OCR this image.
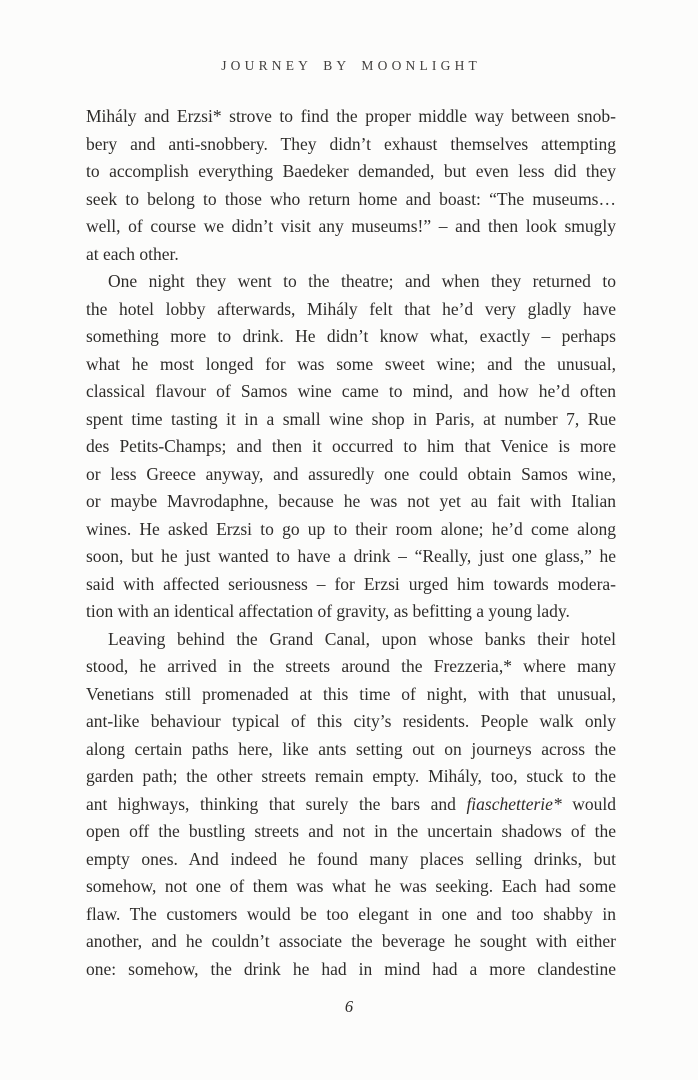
JOURNEY BY MOONLIGHT
Mihály and Erzsi* strove to find the proper middle way between snob-
bery and anti-snobbery. They didn’t exhaust themselves attempting
to accomplish everything Baedeker demanded, but even less did they
seek to belong to those who return home and boast: “The museums…
well, of course we didn’t visit any museums!” – and then look smugly
at each other.
One night they went to the theatre; and when they returned to
the hotel lobby afterwards, Mihály felt that he’d very gladly have
something more to drink. He didn’t know what, exactly – perhaps
what he most longed for was some sweet wine; and the unusual,
classical flavour of Samos wine came to mind, and how he’d often
spent time tasting it in a small wine shop in Paris, at number 7, Rue
des Petits-Champs; and then it occurred to him that Venice is more
or less Greece anyway, and assuredly one could obtain Samos wine,
or maybe Mavrodaphne, because he was not yet au fait with Italian
wines. He asked Erzsi to go up to their room alone; he’d come along
soon, but he just wanted to have a drink – “Really, just one glass,” he
said with affected seriousness – for Erzsi urged him towards modera-
tion with an identical affectation of gravity, as befitting a young lady.
Leaving behind the Grand Canal, upon whose banks their hotel
stood, he arrived in the streets around the Frezzeria,* where many
Venetians still promenaded at this time of night, with that unusual,
ant-like behaviour typical of this city’s residents. People walk only
along certain paths here, like ants setting out on journeys across the
garden path; the other streets remain empty. Mihály, too, stuck to the
ant highways, thinking that surely the bars and fiaschetterie* would
open off the bustling streets and not in the uncertain shadows of the
empty ones. And indeed he found many places selling drinks, but
somehow, not one of them was what he was seeking. Each had some
flaw. The customers would be too elegant in one and too shabby in
another, and he couldn’t associate the beverage he sought with either
one: somehow, the drink he had in mind had a more clandestine
6
